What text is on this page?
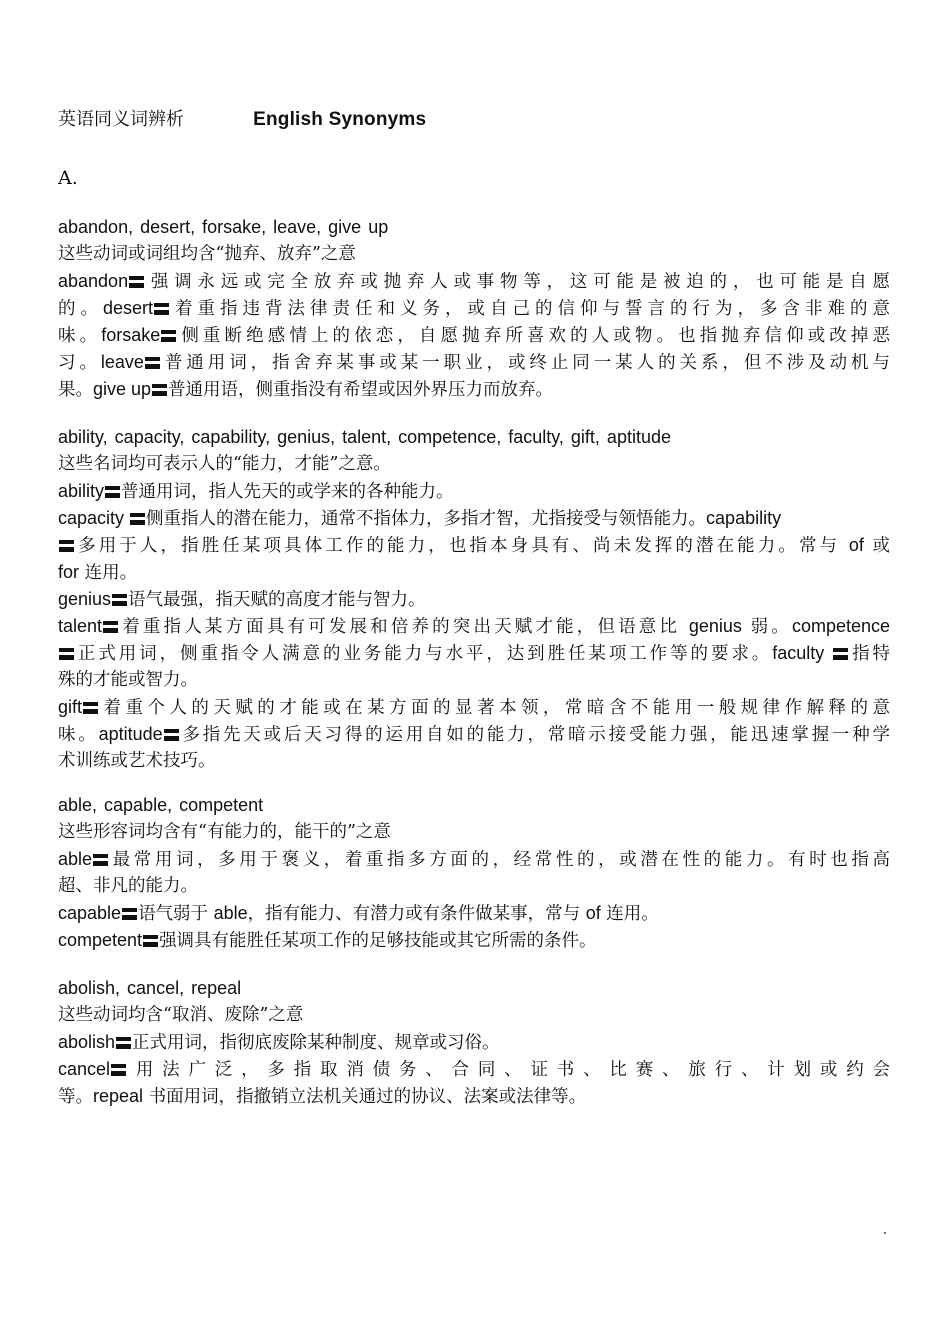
英语同义词辨析	English Synonyms
A.
abandon, desert, forsake, leave, give up
这些动词或词组均含“抛弃、放弃”之意
abandon 强调永远或完全放弃或抛弃人或事物等，这可能是被迫的，也可能是自愿
的。desert 着重指违背法律责任和义务，或自己的信仰与誓言的行为，多含非难的意
味。forsake 侧重断绝感情上的依恋，自愿抛弃所喜欢的人或物。也指抛弃信仰或改掉恶
习。leave 普通用词，指舍弃某事或某一职业，或终止同一某人的关系，但不涉及动机与
果。give up 普通用语，侧重指没有希望或因外界压力而放弃。
ability, capacity, capability, genius, talent, competence, faculty, gift, aptitude
这些名词均可表示人的“能力，才能”之意。
ability 普通用词，指人先天的或学来的各种能力。
capacity 侧重指人的潜在能力，通常不指体力，多指才智，尤指接受与领悟能力。capability
多用于人，指胜任某项具体工作的能力，也指本身具有、尚未发挥的潜在能力。常与 of 或
for 连用。
genius 语气最强，指天赋的高度才能与智力。
talent 着重指人某方面具有可发展和倍养的突出天赋才能，但语意比 genius 弱。competence
正式用词，侧重指令人满意的业务能力与水平，达到胜任某项工作等的要求。faculty 指特
殊的才能或智力。
gift 着重个人的天赋的才能或在某方面的显著本领，常暗含不能用一般规律作解释的意
味。aptitude 多指先天或后天习得的运用自如的能力，常暗示接受能力强，能迅速掌握一种学
术训练或艺术技巧。
able, capable, competent
这些形容词均含有“有能力的，能干的”之意
able 最常用词，多用于褒义，着重指多方面的，经常性的，或潜在性的能力。有时也指高
超、非凡的能力。
capable 语气弱于 able，指有能力、有潜力或有条件做某事，常与 of 连用。
competent 强调具有能胜任某项工作的足够技能或其它所需的条件。
abolish, cancel, repeal
这些动词均含“取消、废除”之意
abolish 正式用词，指彻底废除某种制度、规章或习俗。
cancel 用法广泛，多指取消债务、合同、证书、比赛、旅行、计划或约会
等。repeal 书面用词，指撤销立法机关通过的协议、法案或法律等。
